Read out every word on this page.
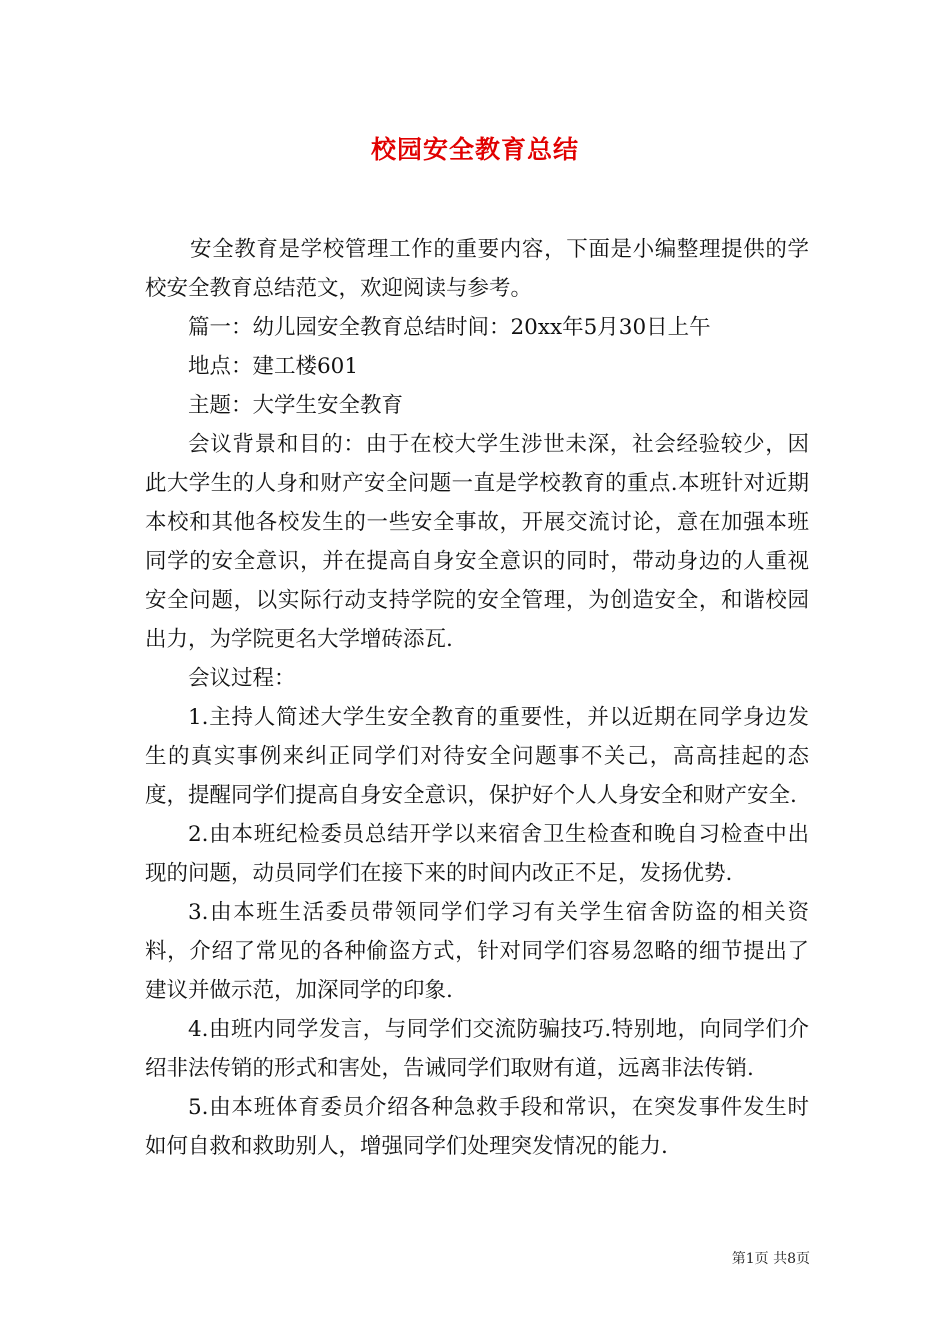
校园安全教育总结

安全教育是学校管理工作的重要内容，下面是小编整理提供的学校安全教育总结范文，欢迎阅读与参考。

篇一：幼儿园安全教育总结时间：20xx年5月30日上午

地点：建工楼601

主题：大学生安全教育

会议背景和目的：由于在校大学生涉世未深，社会经验较少，因此大学生的人身和财产安全问题一直是学校教育的重点.本班针对近期本校和其他各校发生的一些安全事故，开展交流讨论，意在加强本班同学的安全意识，并在提高自身安全意识的同时，带动身边的人重视安全问题，以实际行动支持学院的安全管理，为创造安全，和谐校园出力，为学院更名大学增砖添瓦.

会议过程：

1.主持人简述大学生安全教育的重要性，并以近期在同学身边发生的真实事例来纠正同学们对待安全问题事不关己，高高挂起的态度，提醒同学们提高自身安全意识，保护好个人人身安全和财产安全.

2.由本班纪检委员总结开学以来宿舍卫生检查和晚自习检查中出现的问题，动员同学们在接下来的时间内改正不足，发扬优势.

3.由本班生活委员带领同学们学习有关学生宿舍防盗的相关资料，介绍了常见的各种偷盗方式，针对同学们容易忽略的细节提出了建议并做示范，加深同学的印象.

4.由班内同学发言，与同学们交流防骗技巧.特别地，向同学们介绍非法传销的形式和害处，告诫同学们取财有道，远离非法传销.

5.由本班体育委员介绍各种急救手段和常识，在突发事件发生时如何自救和救助别人，增强同学们处理突发情况的能力.

第1页 共8页
